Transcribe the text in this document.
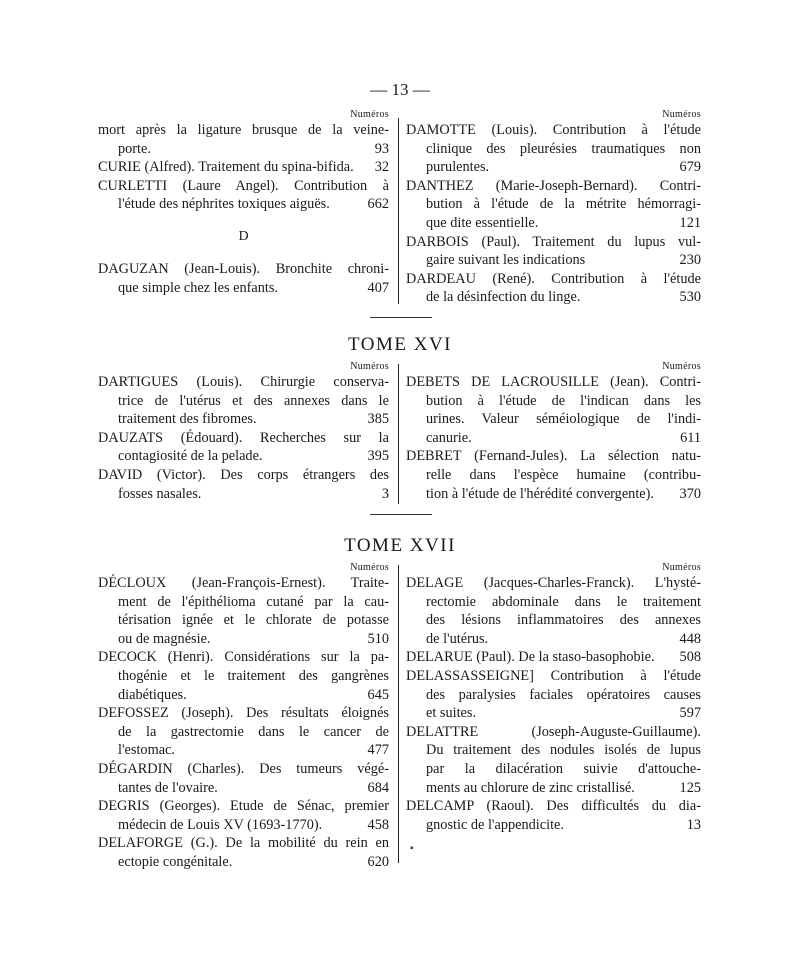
— 13 —
Numéros
mort après la ligature brusque de la veine-
porte.	93
CURIE (Alfred). Traitement du spina-bifida. 32
CURLETTI (Laure Angel). Contribution à
l'étude des néphrites toxiques aiguës.	662
D
DAGUZAN (Jean-Louis). Bronchite chroni-
que simple chez les enfants.	407
Numéros
DAMOTTE (Louis). Contribution à l'étude
clinique des pleurésies traumatiques non
purulentes.	679
DANTHEZ (Marie-Joseph-Bernard). Contri-
bution à l'étude de la métrite hémorragi-
que dite essentielle.	121
DARBOIS (Paul). Traitement du lupus vul-
gaire suivant les indications	230
DARDEAU (René). Contribution à l'étude
de la désinfection du linge.	530
TOME XVI
Numéros
DARTIGUES (Louis). Chirurgie conserva-
trice de l'utérus et des annexes dans le
traitement des fibromes.	385
DAUZATS (Édouard). Recherches sur la
contagiosité de la pelade.	395
DAVID (Victor). Des corps étrangers des
fosses nasales.	3
Numéros
DEBETS DE LACROUSILLE (Jean). Contri-
bution à l'étude de l'indican dans les
urines. Valeur séméiologique de l'indi-
canurie.	611
DEBRET (Fernand-Jules). La sélection natu-
relle dans l'espèce humaine (contribu-
tion à l'étude de l'hérédité convergente). 370
TOME XVII
Numéros
DÉCLOUX (Jean-François-Ernest). Traite-
ment de l'épithélioma cutané par la cau-
térisation ignée et le chlorate de potasse
ou de magnésie.	510
DECOCK (Henri). Considérations sur la pa-
thogénie et le traitement des gangrènes
diabétiques.	645
DEFOSSEZ (Joseph). Des résultats éloignés
de la gastrectomie dans le cancer de
l'estomac.	477
DÉGARDIN (Charles). Des tumeurs végé-
tantes de l'ovaire.	684
DEGRIS (Georges). Etude de Sénac, premier
médecin de Louis XV (1693-1770).	458
DELAFORGE (G.). De la mobilité du rein en
ectopie congénitale.	620
Numéros
DELAGE (Jacques-Charles-Franck). L'hysté-
rectomie abdominale dans le traitement
des lésions inflammatoires des annexes
de l'utérus.	448
DELARUE (Paul). De la staso-basophobie. 508
DELASSASSEIGNE] Contribution à l'étude
des paralysies faciales opératoires causes
et suites.	597
DELATTRE (Joseph-Auguste-Guillaume).
Du traitement des nodules isolés de lupus
par la dilacération suivie d'attouche-
ments au chlorure de zinc cristallisé.	125
DELCAMP (Raoul). Des difficultés du dia-
gnostic de l'appendicite.	13
▪
